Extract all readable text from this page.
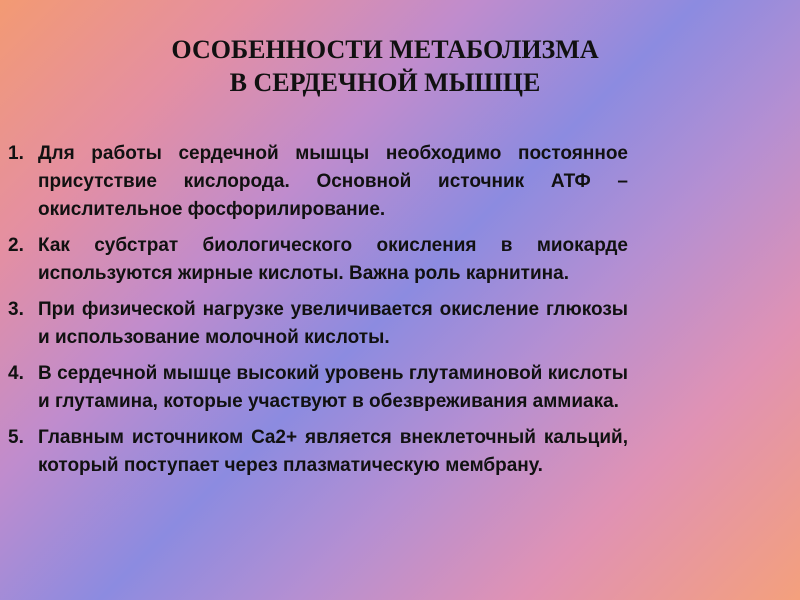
ОСОБЕННОСТИ МЕТАБОЛИЗМА
В СЕРДЕЧНОЙ МЫШЦЕ
1. Для работы сердечной мышцы необходимо постоянное присутствие кислорода. Основной источник АТФ – окислительное фосфорилирование.
2. Как субстрат биологического окисления в миокарде используются жирные кислоты. Важна роль карнитина.
3. При физической нагрузке увеличивается окисление глюкозы и использование молочной кислоты.
4. В сердечной мышце высокий уровень глутаминовой кислоты и глутамина, которые участвуют в обезвреживания аммиака.
5. Главным источником Ca2+ является внеклеточный кальций, который поступает через плазматическую мембрану.
